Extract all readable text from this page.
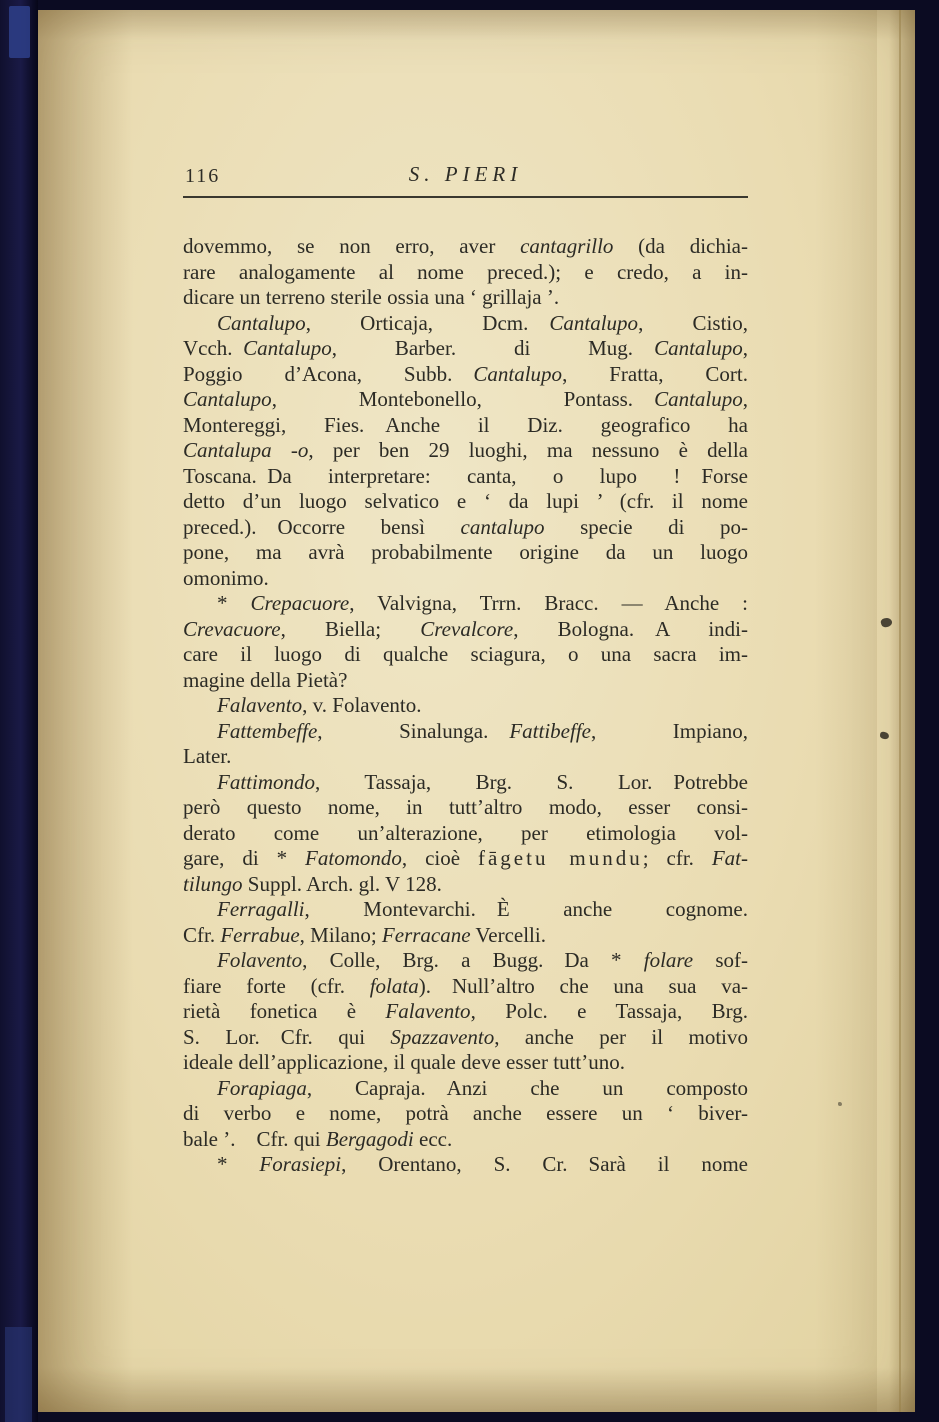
116	S. PIERI
dovemmo, se non erro, aver cantagrillo (da dichia-
rare analogamente al nome preced.); e credo, a in-
dicare un terreno sterile ossia una ‘ grillaja ’.
Cantalupo, Orticaja, Dcm. Cantalupo, Cistio,
Vcch. Cantalupo, Barber. di Mug. Cantalupo,
Poggio d’Acona, Subb. Cantalupo, Fratta, Cort.
Cantalupo, Montebonello, Pontass. Cantalupo,
Montereggi, Fies. Anche il Diz. geografico ha
Cantalupa -o, per ben 29 luoghi, ma nessuno è della
Toscana. Da interpretare: canta, o lupo ! Forse
detto d’un luogo selvatico e ‘ da lupi ’ (cfr. il nome
preced.). Occorre bensì cantalupo specie di po-
pone, ma avrà probabilmente origine da un luogo
omonimo.
* Crepacuore, Valvigna, Trrn. Bracc. — Anche :
Crevacuore, Biella; Crevalcore, Bologna. A indi-
care il luogo di qualche sciagura, o una sacra im-
magine della Pietà?
Falavento, v. Folavento.
Fattembeffe, Sinalunga. Fattibeffe, Impiano,
Later.
Fattimondo, Tassaja, Brg. S. Lor. Potrebbe
però questo nome, in tutt’altro modo, esser consi-
derato come un’alterazione, per etimologia vol-
gare, di * Fatomondo, cioè fāgetu mundu; cfr. Fat-
tilungo Suppl. Arch. gl. V 128.
Ferragalli, Montevarchi. È anche cognome.
Cfr. Ferrabue, Milano; Ferracane Vercelli.
Folavento, Colle, Brg. a Bugg. Da * folare sof-
fiare forte (cfr. folata). Null’altro che una sua va-
rietà fonetica è Falavento, Polc. e Tassaja, Brg.
S. Lor. Cfr. qui Spazzavento, anche per il motivo
ideale dell’applicazione, il quale deve esser tutt’uno.
Forapiaga, Capraja. Anzi che un composto
di verbo e nome, potrà anche essere un ‘ biver-
bale ’. Cfr. qui Bergagodi ecc.
* Forasiepi, Orentano, S. Cr. Sarà il nome
